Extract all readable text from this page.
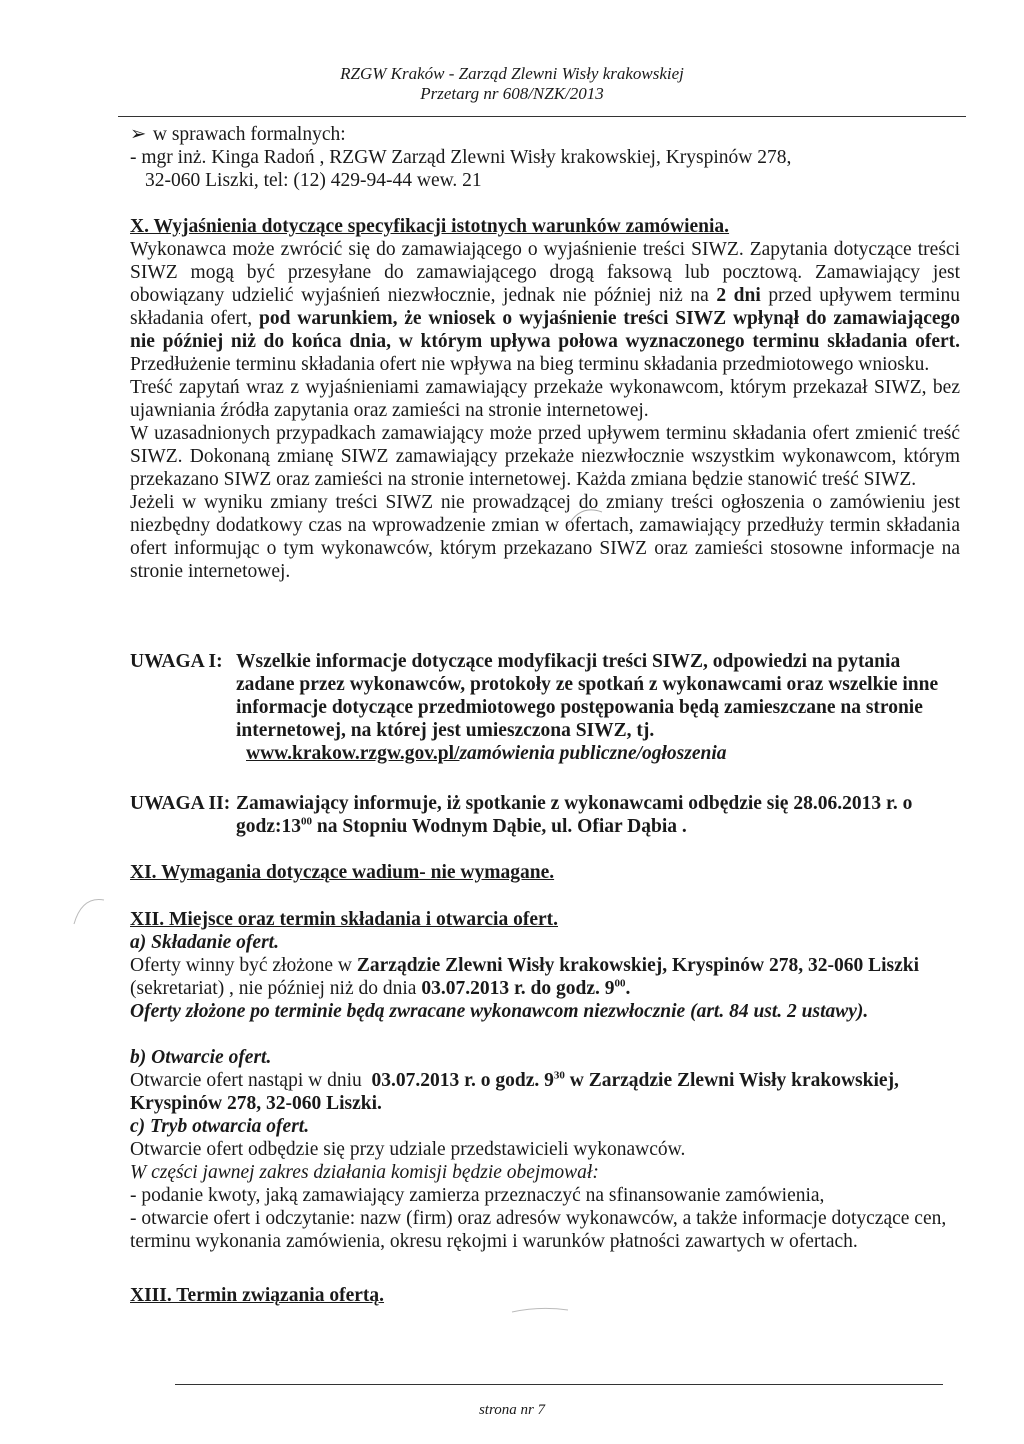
RZGW Kraków - Zarząd Zlewni Wisły krakowskiej
Przetarg nr 608/NZK/2013

➢ w sprawach formalnych:

- mgr inż. Kinga Radoń , RZGW Zarząd Zlewni Wisły krakowskiej, Kryspinów 278,

32-060 Liszki, tel: (12) 429-94-44 wew. 21

X. Wyjaśnienia dotyczące specyfikacji istotnych warunków zamówienia.

Wykonawca może zwrócić się do zamawiającego o wyjaśnienie treści SIWZ. Zapytania dotyczące treści SIWZ mogą być przesyłane do zamawiającego drogą faksową lub pocztową. Zamawiający jest obowiązany udzielić wyjaśnień niezwłocznie, jednak nie później niż na 2 dni przed upływem terminu składania ofert, pod warunkiem, że wniosek o wyjaśnienie treści SIWZ wpłynął do zamawiającego nie później niż do końca dnia, w którym upływa połowa wyznaczonego terminu składania ofert. Przedłużenie terminu składania ofert nie wpływa na bieg terminu składania przedmiotowego wniosku.

Treść zapytań wraz z wyjaśnieniami zamawiający przekaże wykonawcom, którym przekazał SIWZ, bez ujawniania źródła zapytania oraz zamieści na stronie internetowej.

W uzasadnionych przypadkach zamawiający może przed upływem terminu składania ofert zmienić treść SIWZ. Dokonaną zmianę SIWZ zamawiający przekaże niezwłocznie wszystkim wykonawcom, którym przekazano SIWZ oraz zamieści na stronie internetowej. Każda zmiana będzie stanowić treść SIWZ.

Jeżeli w wyniku zmiany treści SIWZ nie prowadzącej do zmiany treści ogłoszenia o zamówieniu jest niezbędny dodatkowy czas na wprowadzenie zmian w ofertach, zamawiający przedłuży termin składania ofert informując o tym wykonawców, którym przekazano SIWZ oraz zamieści stosowne informacje na stronie internetowej.

UWAGA I: Wszelkie informacje dotyczące modyfikacji treści SIWZ, odpowiedzi na pytania zadane przez wykonawców, protokoły ze spotkań z wykonawcami oraz wszelkie inne informacje dotyczące przedmiotowego postępowania będą zamieszczane na stronie internetowej, na której jest umieszczona SIWZ, tj.
www.krakow.rzgw.gov.pl/zamówienia publiczne/ogłoszenia
UWAGA II: Zamawiający informuje, iż spotkanie z wykonawcami odbędzie się 28.06.2013 r. o
$godz:13^{00}$ na Stopniu Wodnym Dąbie, ul. Ofiar Dąbia .

XI. Wymagania dotyczące wadium- nie wymagane.

XII. Miejsce oraz termin składania i otwarcia ofert.

a) Składanie ofert.

Oferty winny być złożone w Zarządzie Zlewni Wisły krakowskiej, Kryspinów 278, 32-060 Liszki (sekretariat) , nie później niż do dnia 03.07.2013 r. do godz. $9^{00}$.

Oferty złożone po terminie będą zwracane wykonawcom niezwłocznie (art. 84 ust. 2 ustawy).

b) Otwarcie ofert.

Otwarcie ofert nastąpi w dniu 03.07.2013 r. o godz. $9^{30}$ w Zarządzie Zlewni Wisły krakowskiej, Kryspinów 278, 32-060 Liszki.

c) Tryb otwarcia ofert.

Otwarcie ofert odbędzie się przy udziale przedstawicieli wykonawców.

W części jawnej zakres działania komisji będzie obejmował:

- podanie kwoty, jaką zamawiający zamierza przeznaczyć na sfinansowanie zamówienia,

- otwarcie ofert i odczytanie: nazw (firm) oraz adresów wykonawców, a także informacje dotyczące cen, terminu wykonania zamówienia, okresu rękojmi i warunków płatności zawartych w ofertach.

XIII. Termin związania ofertą.

strona nr 7
